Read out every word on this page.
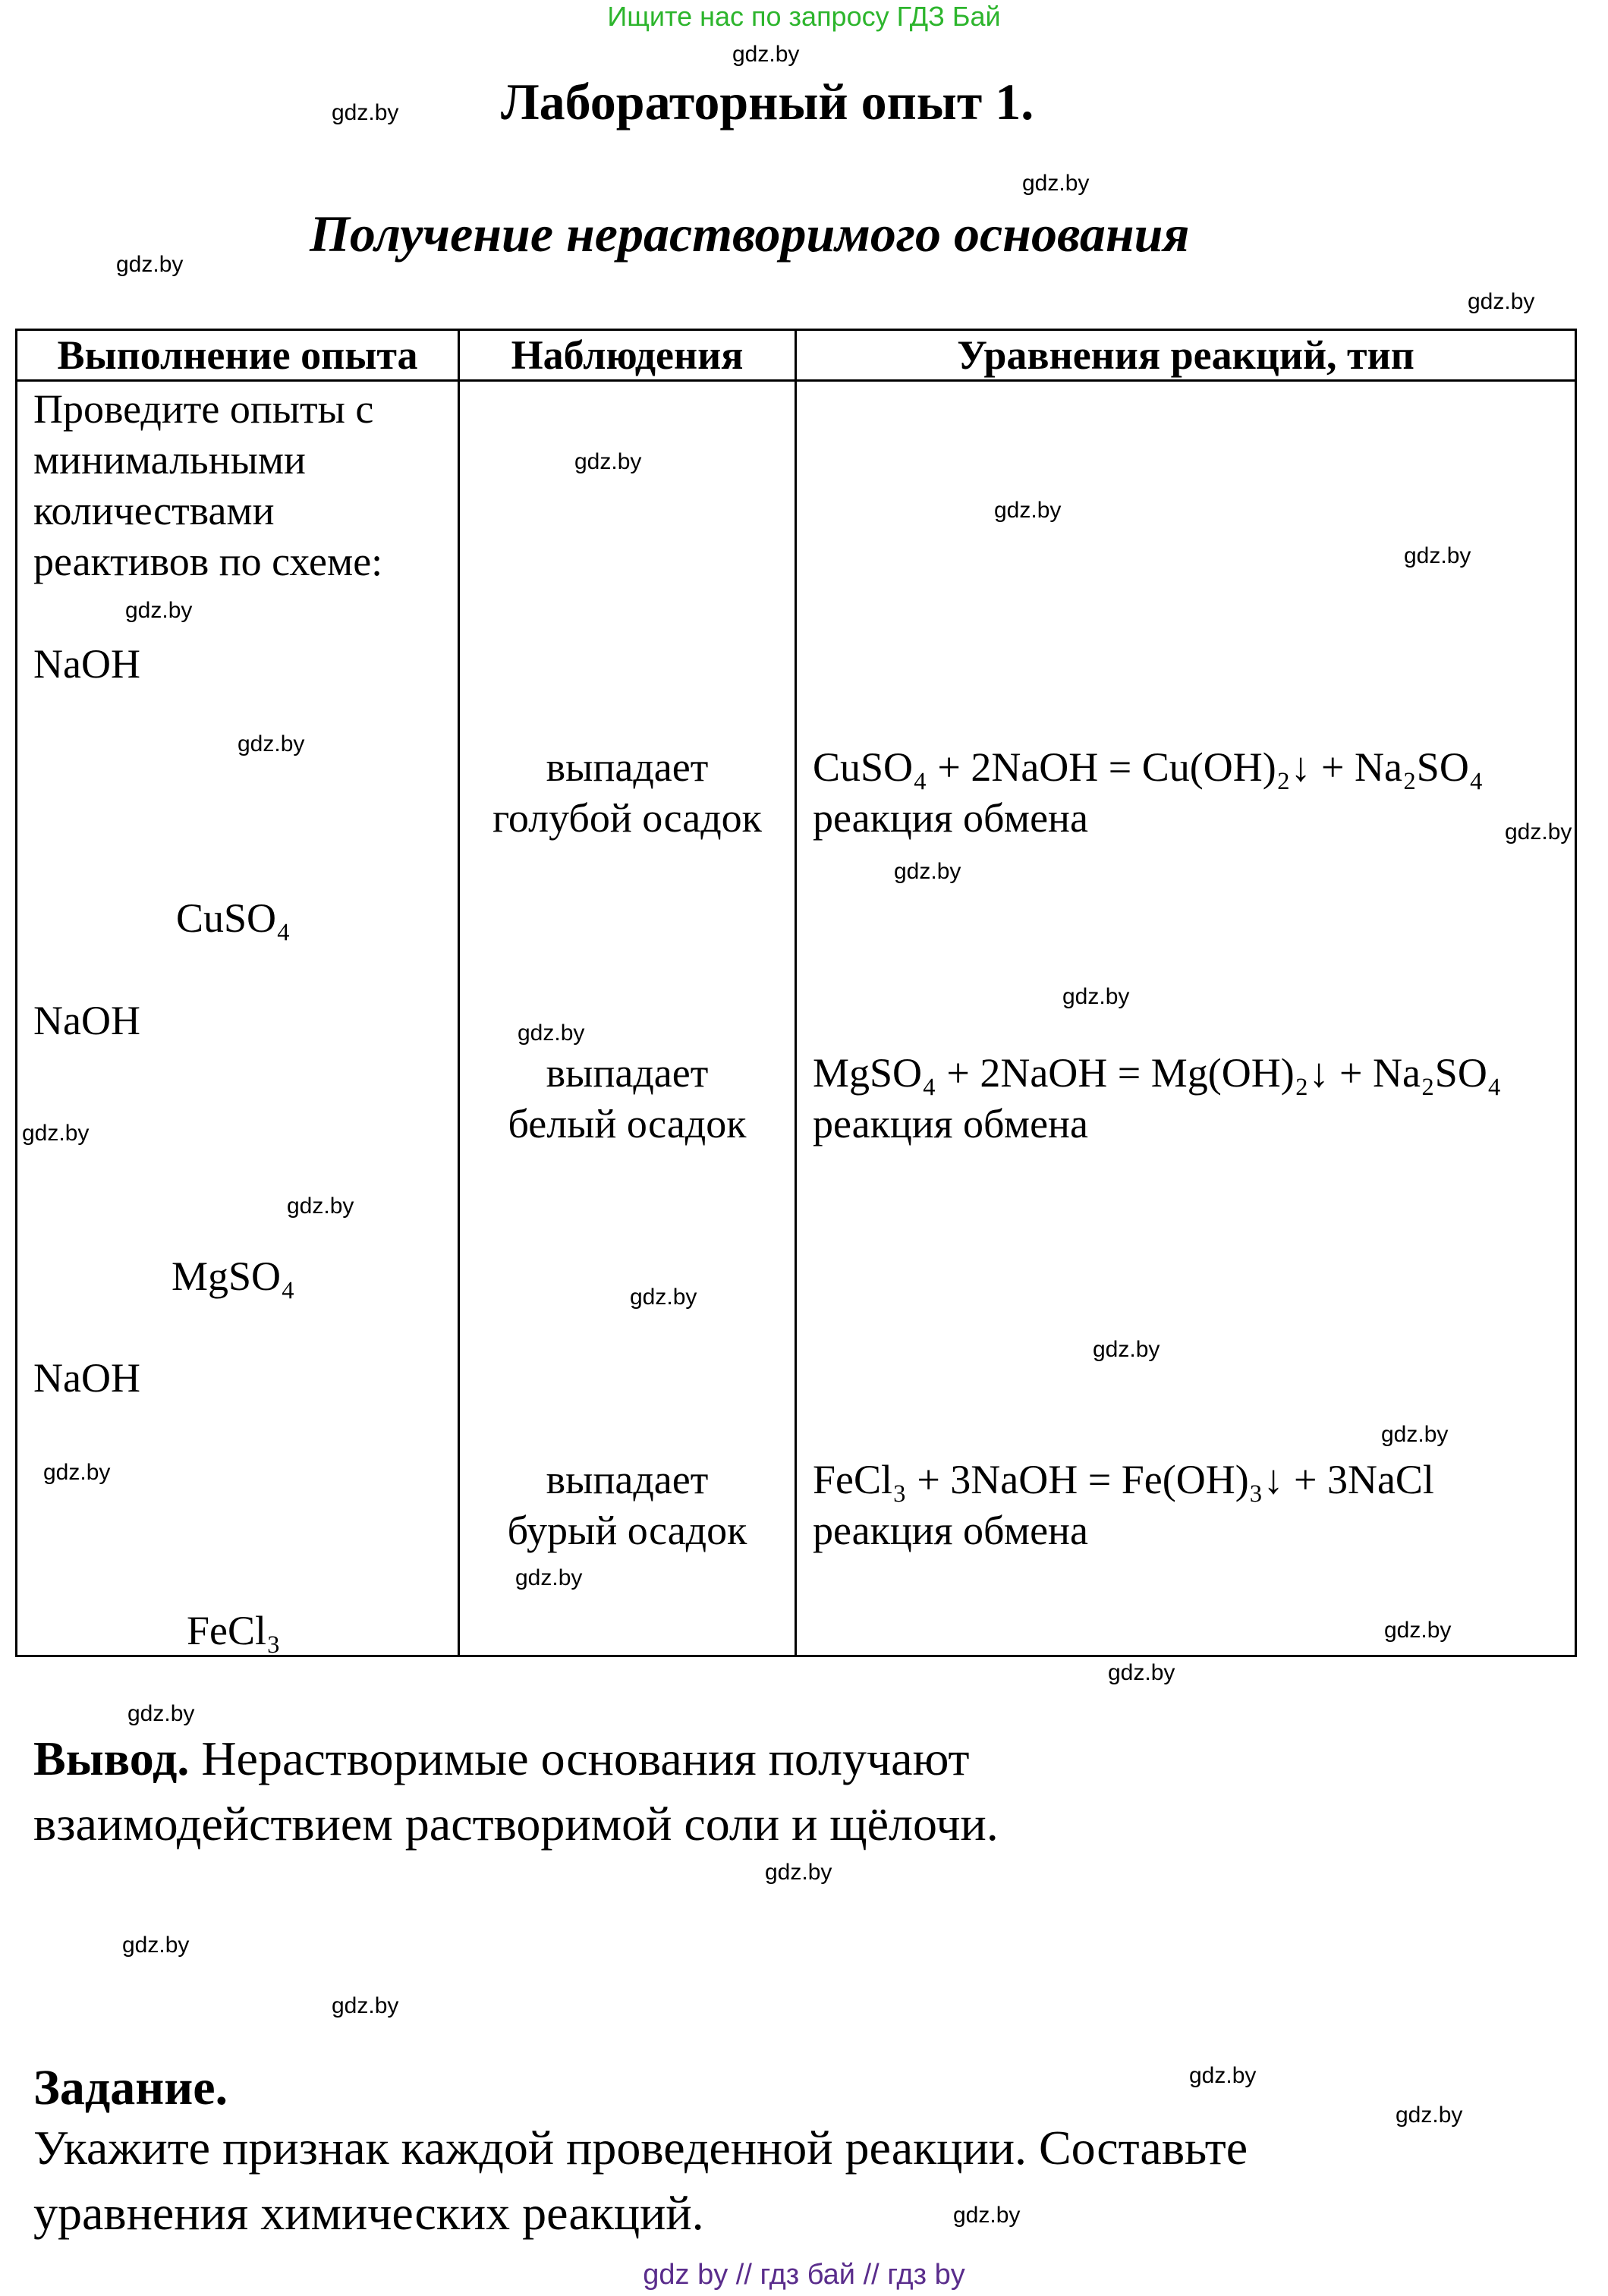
Ищите нас по запросу ГДЗ Бай
Лабораторный опыт 1.
Получение нерастворимого основания
Выполнение опыта	Наблюдения	Уравнения реакций, тип
Проведите опыты с
минимальными
количествами
реактивов по схеме:
NaOH
CuSO₄
выпадает
голубой осадок
CuSO₄ + 2NaOH = Cu(OH)₂↓ + Na₂SO₄
реакция обмена
NaOH
MgSO₄
выпадает
белый осадок
MgSO₄ + 2NaOH = Mg(OH)₂↓ + Na₂SO₄
реакция обмена
NaOH
FeCl₃
выпадает
бурый осадок
FeCl₃ + 3NaOH = Fe(OH)₃↓ + 3NaCl
реакция обмена
Вывод. Нерастворимые основания получают
взаимодействием растворимой соли и щёлочи.
Задание.
Укажите признак каждой проведенной реакции. Составьте
уравнения химических реакций.
gdz.by
gdz.by
gdz.by
gdz.by
gdz.by
gdz.by
gdz.by
gdz.by
gdz.by
gdz.by
gdz.by
gdz.by
gdz.by
gdz.by
gdz.by
gdz.by
gdz.by
gdz.by
gdz.by
gdz.by
gdz.by
gdz.by
gdz.by
gdz.by
gdz.by
gdz.by
gdz.by
gdz.by
gdz.by
gdz.by
gdz by // гдз бай // гдз by
